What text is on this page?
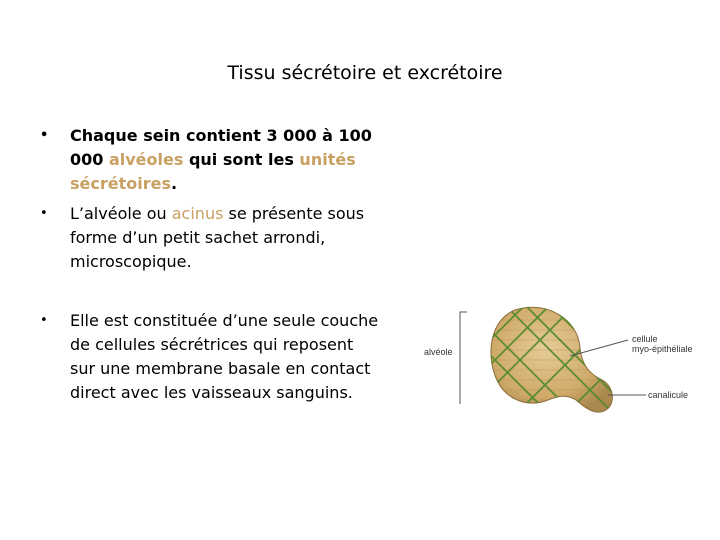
Tissu sécrétoire et excrétoire
• Chaque sein contient 3 000 à 100 000 alvéoles qui sont les unités sécrétoires.
• L’alvéole ou acinus se présente sous forme d’un petit sachet arrondi, microscopique.
• Elle est constituée d’une seule couche de cellules sécrétrices qui reposent sur une membrane basale en contact direct avec les vaisseaux sanguins.
alvéole
cellule
myo-épithéliale
canalicule
